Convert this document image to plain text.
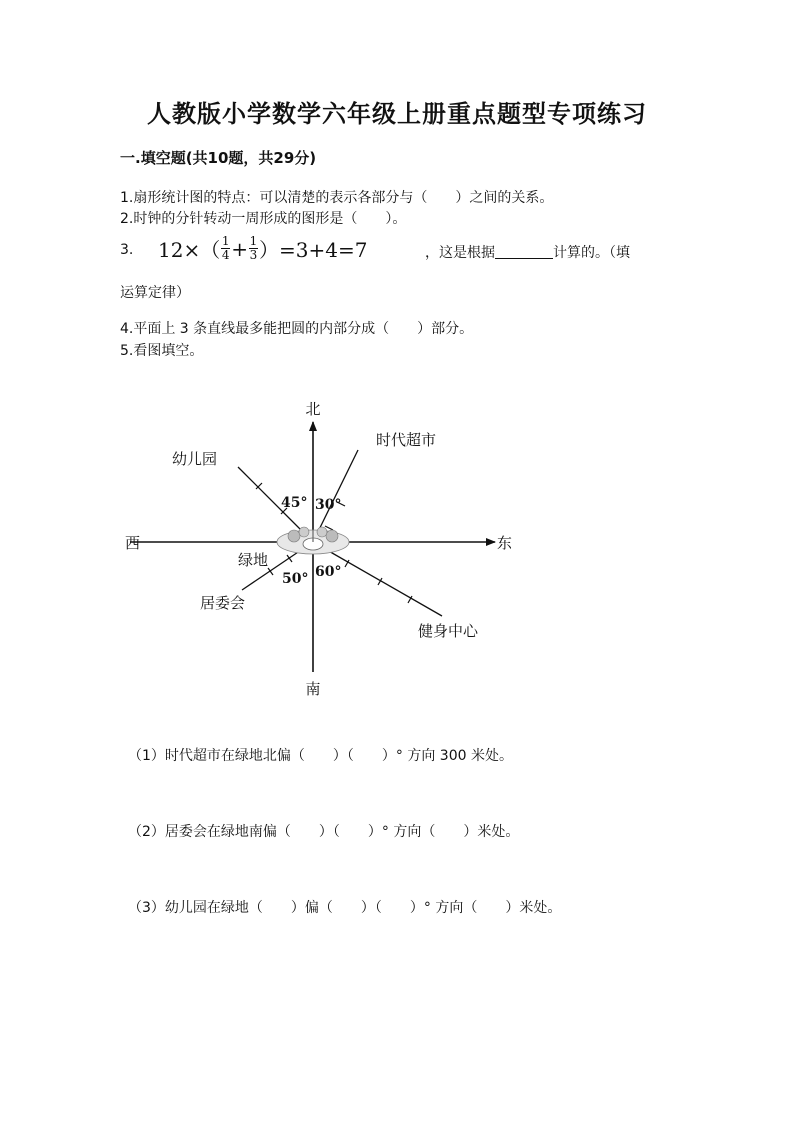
人教版小学数学六年级上册重点题型专项练习
一.填空题(共10题，共29分)
1.扇形统计图的特点：可以清楚的表示各部分与（　　）之间的关系。
2.时钟的分针转动一周形成的图形是（　　）。
3. $12\times( \frac{1}{4} + \frac{1}{3} )=3+4=7$	，这是根据	计算的。（填
运算定律）
4.平面上 3 条直线最多能把圆的内部分成（　　）部分。
5.看图填空。
北
南
东
西
绿地
时代超市
幼儿园
居委会
健身中心
45° 30°
50° 60°
（1）时代超市在绿地北偏（　　）（　　）° 方向 300 米处。
（2）居委会在绿地南偏（　　）（　　）° 方向（　　）米处。
（3）幼儿园在绿地（　　）偏（　　）（　　）° 方向（　　）米处。
